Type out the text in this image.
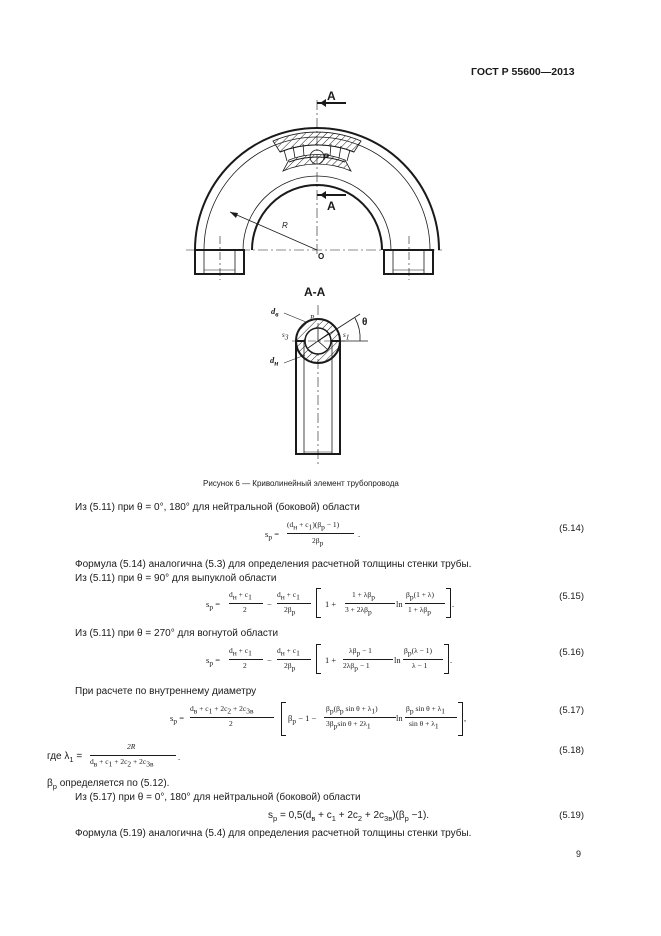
ГОСТ Р 55600—2013
P
R
О
А
А
А-А
θ
$d_в$
$d_н$
$s_3$	$s_1$
P
Рисунок 6 — Криволинейный элемент трубопровода
Из (5.11) при θ = 0°, 180° для нейтральной (боковой) области
$s_р$ =
$(d_н + c_1)(\beta_р - 1)$
$2\beta_р$
.	(5.14)
Формула (5.14) аналогична (5.3) для определения расчетной толщины стенки трубы.
Из (5.11) при θ = 90° для выпуклой области
$s_р$ =
$d_н + c_1$
2
−
$d_н + c_1$
$2\beta_р$
1 +
$1 + \lambda\beta_р$
$3 + 2\lambda\beta_р$
ln
$\beta_р(1 + \lambda)$
$1 + \lambda\beta_р$
.
(5.15)
Из (5.11) при θ = 270° для вогнутой области
$s_р$ =
$d_н + c_1$
2
−
$d_н + c_1$
$2\beta_р$
1 +
$\lambda\beta_р - 1$
$2\lambda\beta_р - 1$
ln
$\beta_р(\lambda - 1)$
λ − 1
.
(5.16)
При расчете по внутреннему диаметру
$s_р$ =
$d_в + c_1 + 2c_2 + 2c_{3в}$
2
$\beta_р - 1$ −
$\beta_р(\beta_р$ $\sin \theta + \lambda_1$)
$3\beta_р\sin$ $\theta + 2\lambda_1$
ln
$\beta_р$ $\sin \theta + \lambda_1$
$\sin \theta + \lambda_1$
,
(5.17)
где $\lambda_1$ =
2R
$d_в + c_1 + 2c_2 + 2c_{3в}$
.
(5.18)
$\beta_р$ определяется по (5.12).
Из (5.17) при θ = 0°, 180° для нейтральной (боковой) области
$s_р = 0,5(d_в + c_1 + 2c_2 + 2c_{3в})(\beta_р -1)$.	(5.19)
Формула (5.19) аналогична (5.4) для определения расчетной толщины стенки трубы.
9
